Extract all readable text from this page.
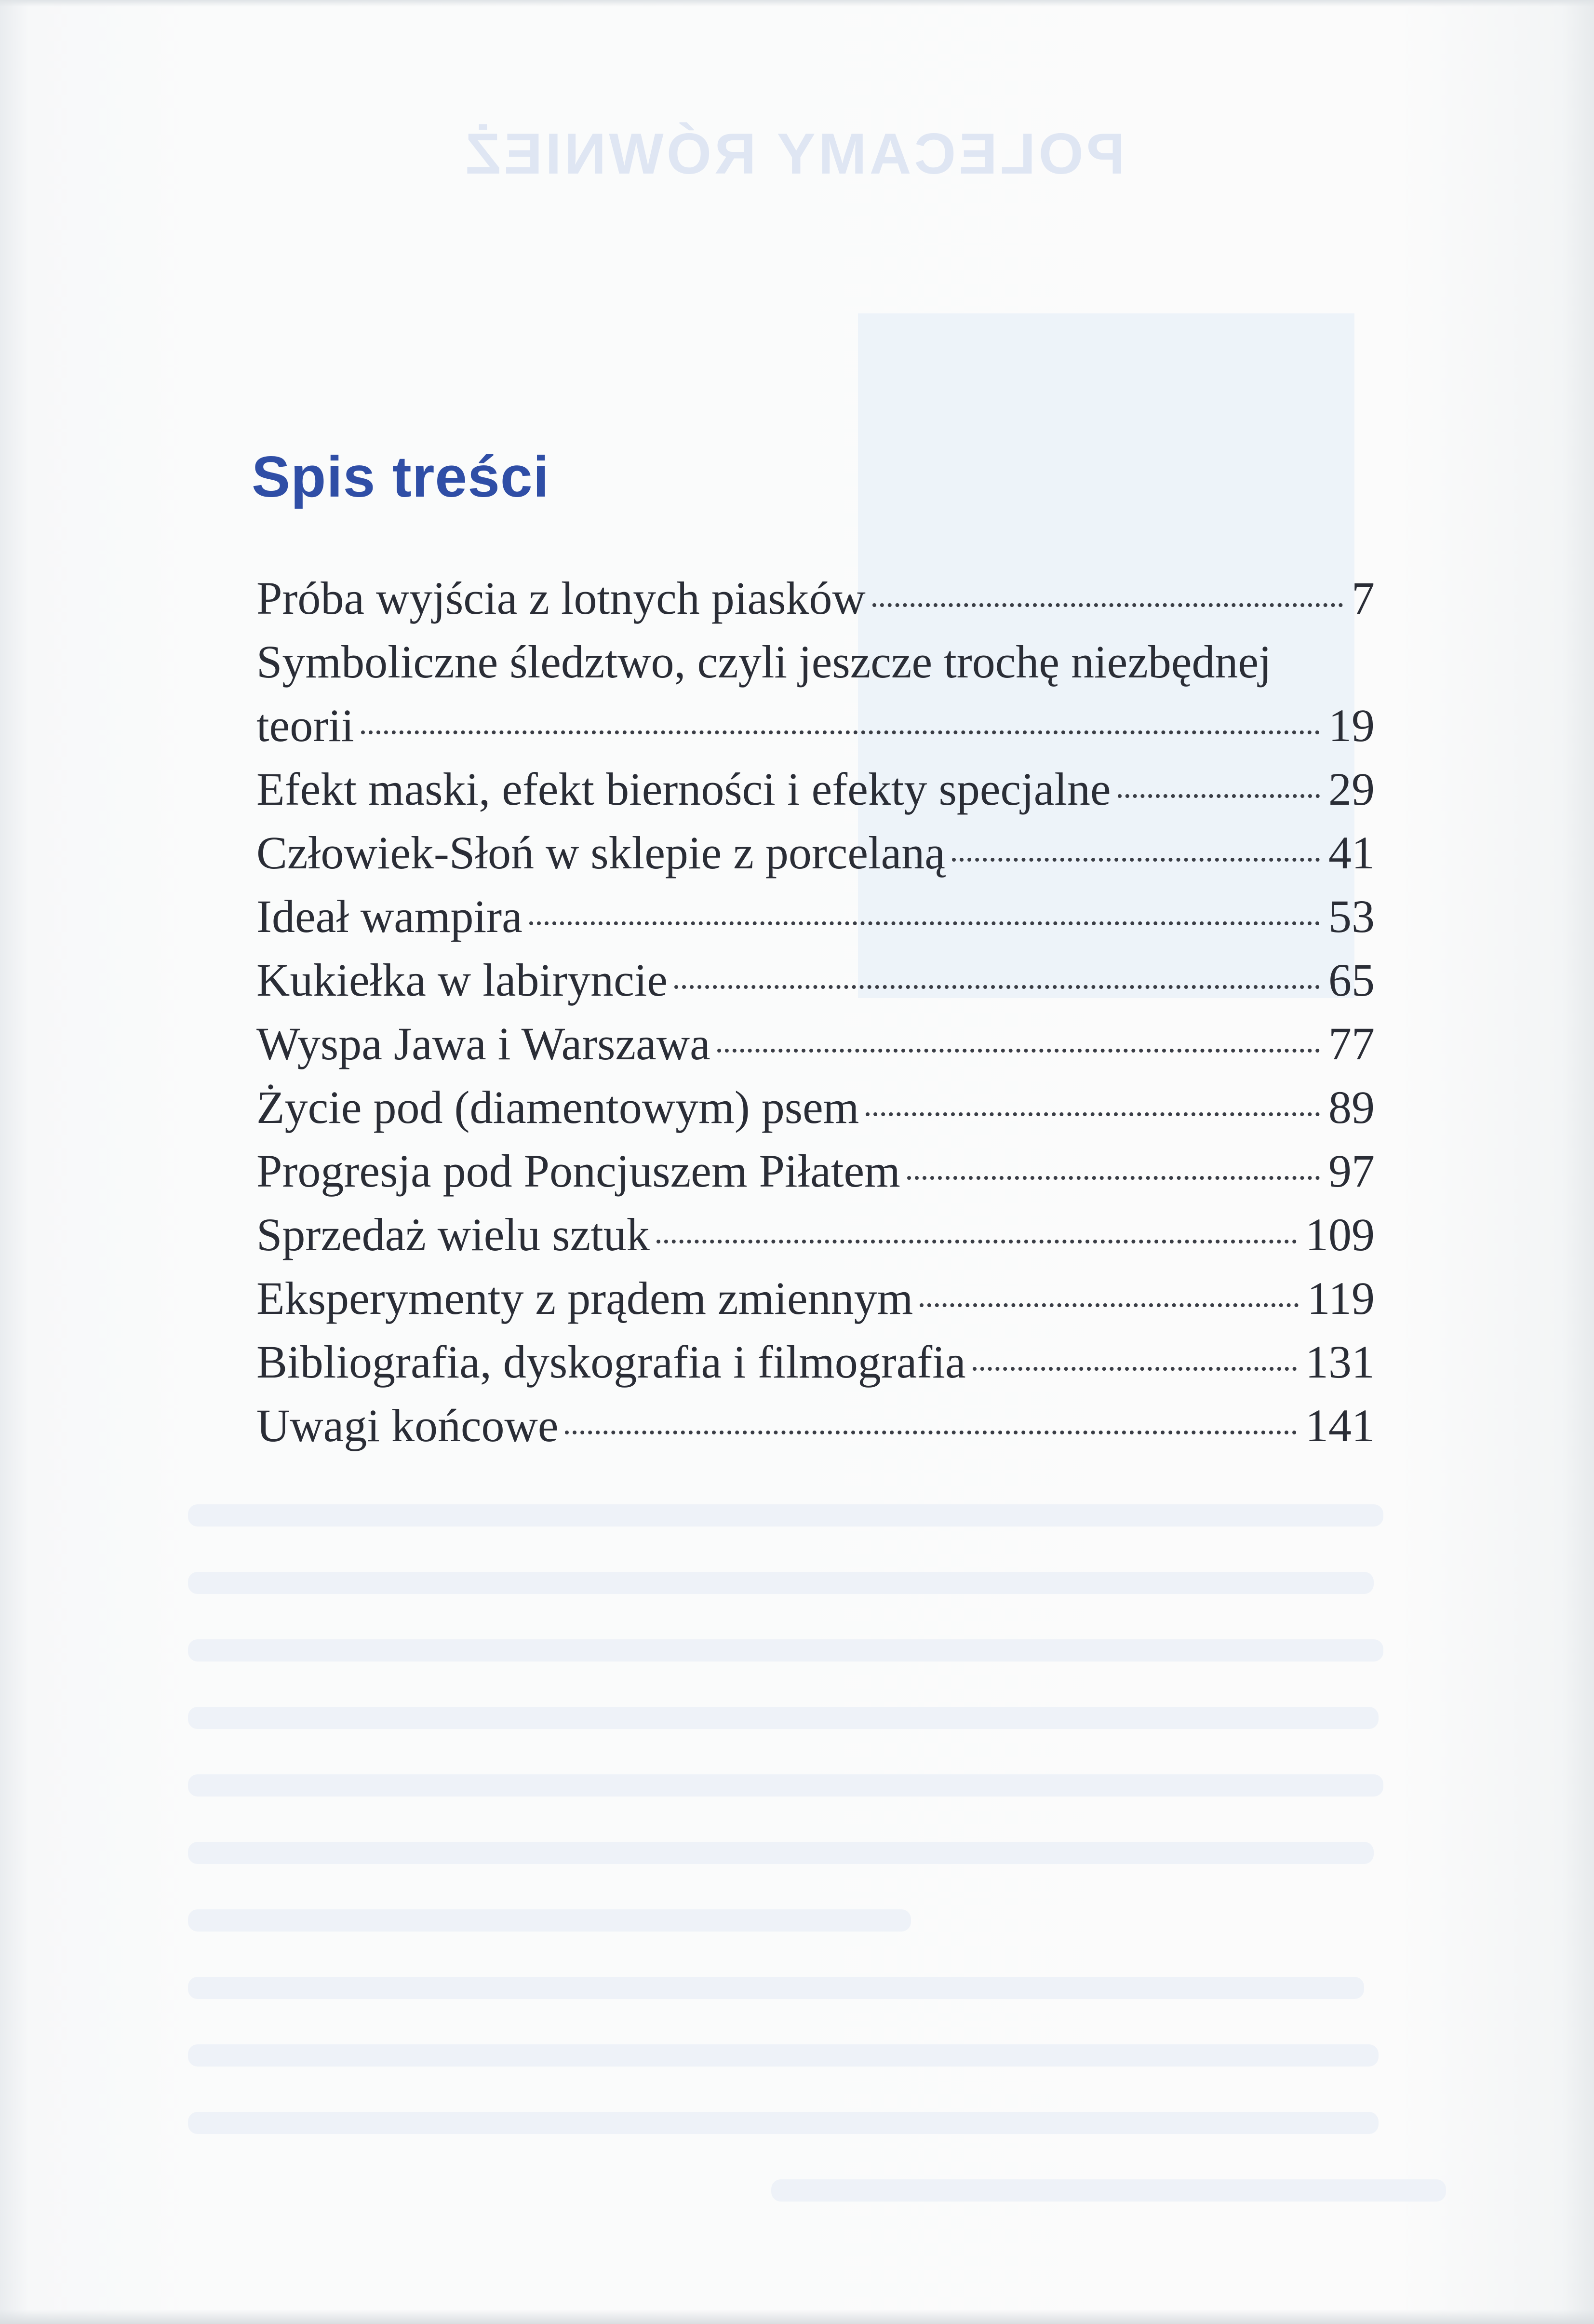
POLECAMY RÓWNIEŻ
Spis treści
Próba wyjścia z lotnych piasków	7
Symboliczne śledztwo, czyli jeszcze trochę niezbędnej
teorii	19
Efekt maski, efekt bierności i efekty specjalne	29
Człowiek-Słoń w sklepie z porcelaną	41
Ideał wampira	53
Kukiełka w labiryncie	65
Wyspa Jawa i Warszawa	77
Życie pod (diamentowym) psem	89
Progresja pod Poncjuszem Piłatem	97
Sprzedaż wielu sztuk	109
Eksperymenty z prądem zmiennym	119
Bibliografia, dyskografia i filmografia	131
Uwagi końcowe	141
